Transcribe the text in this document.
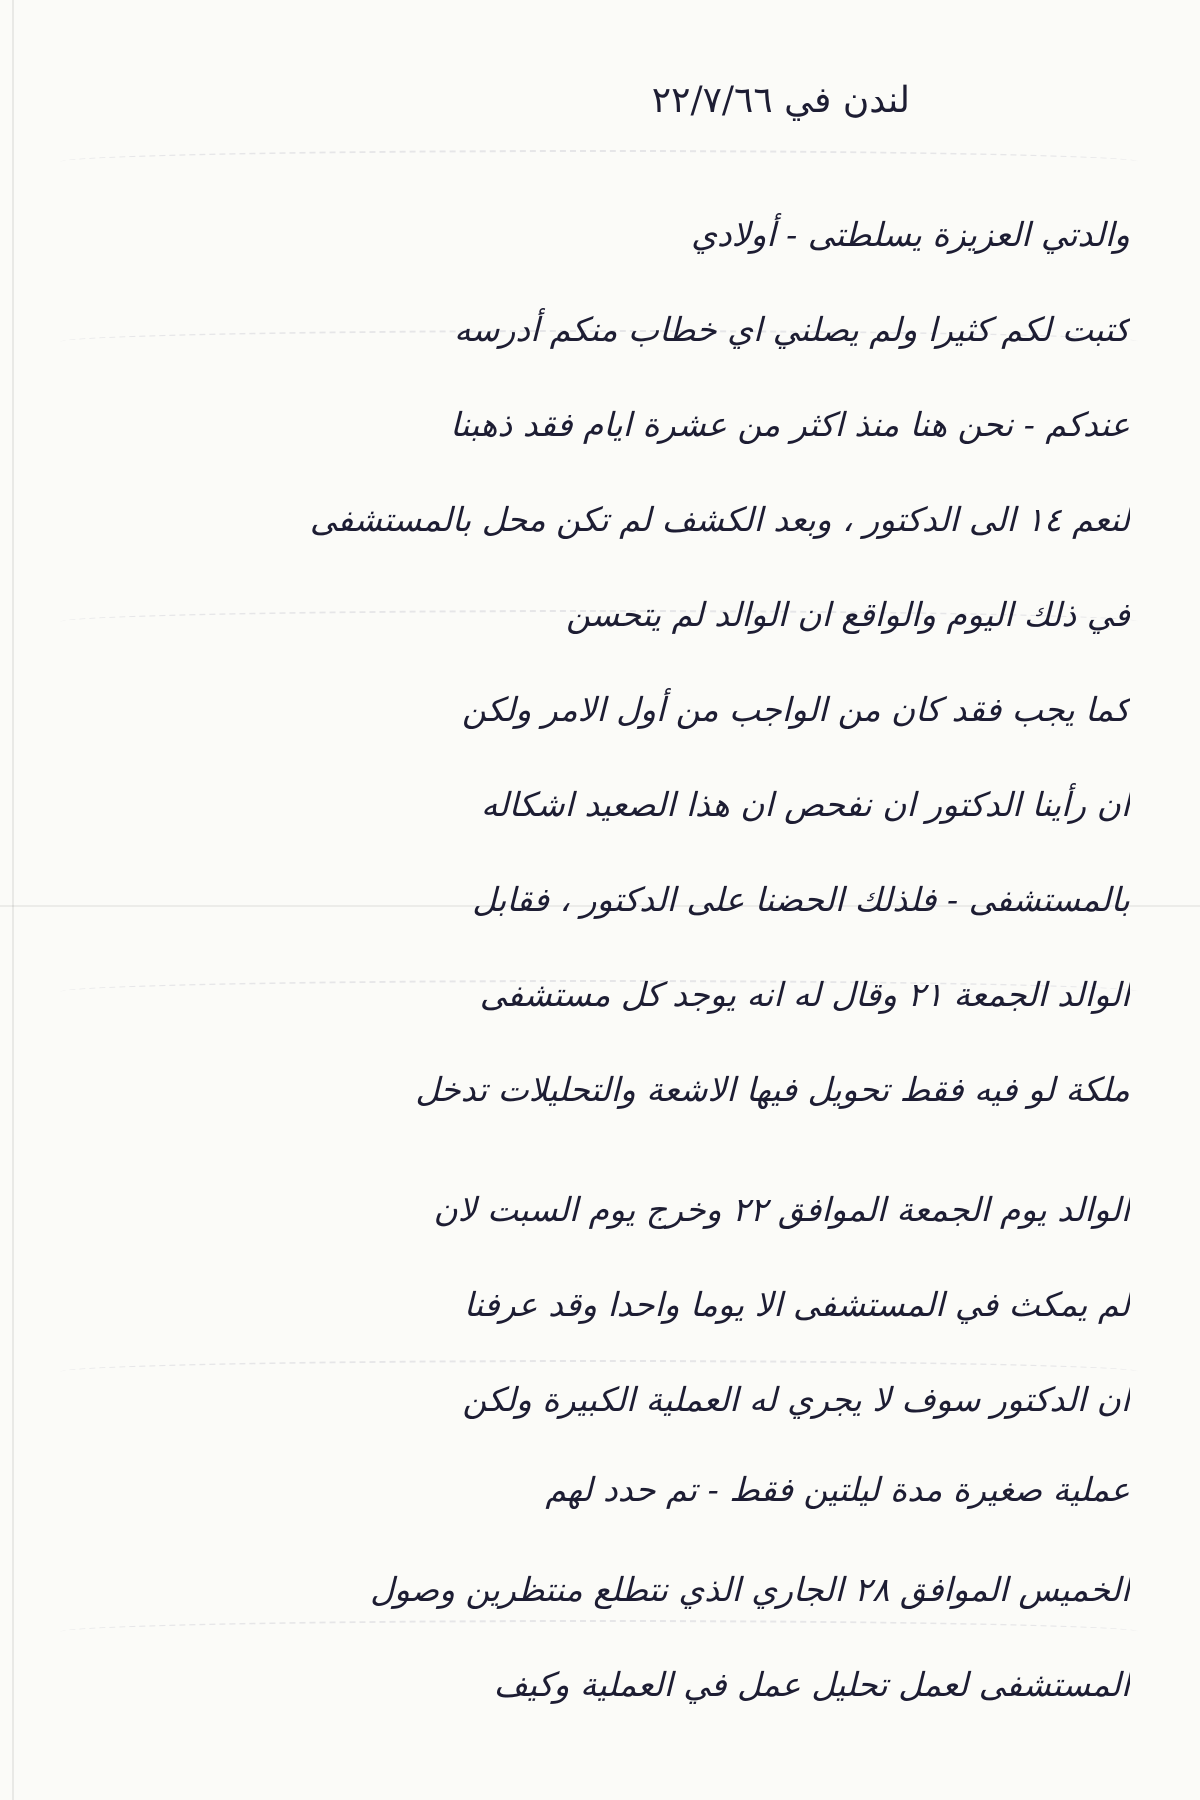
لندن في ٢٢/٧/٦٦
والدتي العزيزة يسلطتى - أولادي
كتبت لكم كثيرا ولم يصلني اي خطاب منكم أدرسه
عندكم - نحن هنا منذ اكثر من عشرة ايام فقد ذهبنا
لنعم ١٤ الى الدكتور ، وبعد الكشف لم تكن محل بالمستشفى
في ذلك اليوم والواقع ان الوالد لم يتحسن
كما يجب فقد كان من الواجب من أول الامر ولكن
ان رأينا الدكتور ان نفحص ان هذا الصعيد اشكاله
بالمستشفى - فلذلك الحضنا على الدكتور ، فقابل
الوالد الجمعة ٢١ وقال له انه يوجد كل مستشفى
ملكة لو فيه فقط تحويل فيها الاشعة والتحليلات تدخل
الوالد يوم الجمعة الموافق ٢٢ وخرج يوم السبت لان
لم يمكث في المستشفى الا يوما واحدا وقد عرفنا
ان الدكتور سوف لا يجري له العملية الكبيرة ولكن
عملية صغيرة مدة ليلتين فقط - تم حدد لهم
الخميس الموافق ٢٨ الجاري الذي نتطلع منتظرين وصول
المستشفى لعمل تحليل عمل في العملية وكيف
